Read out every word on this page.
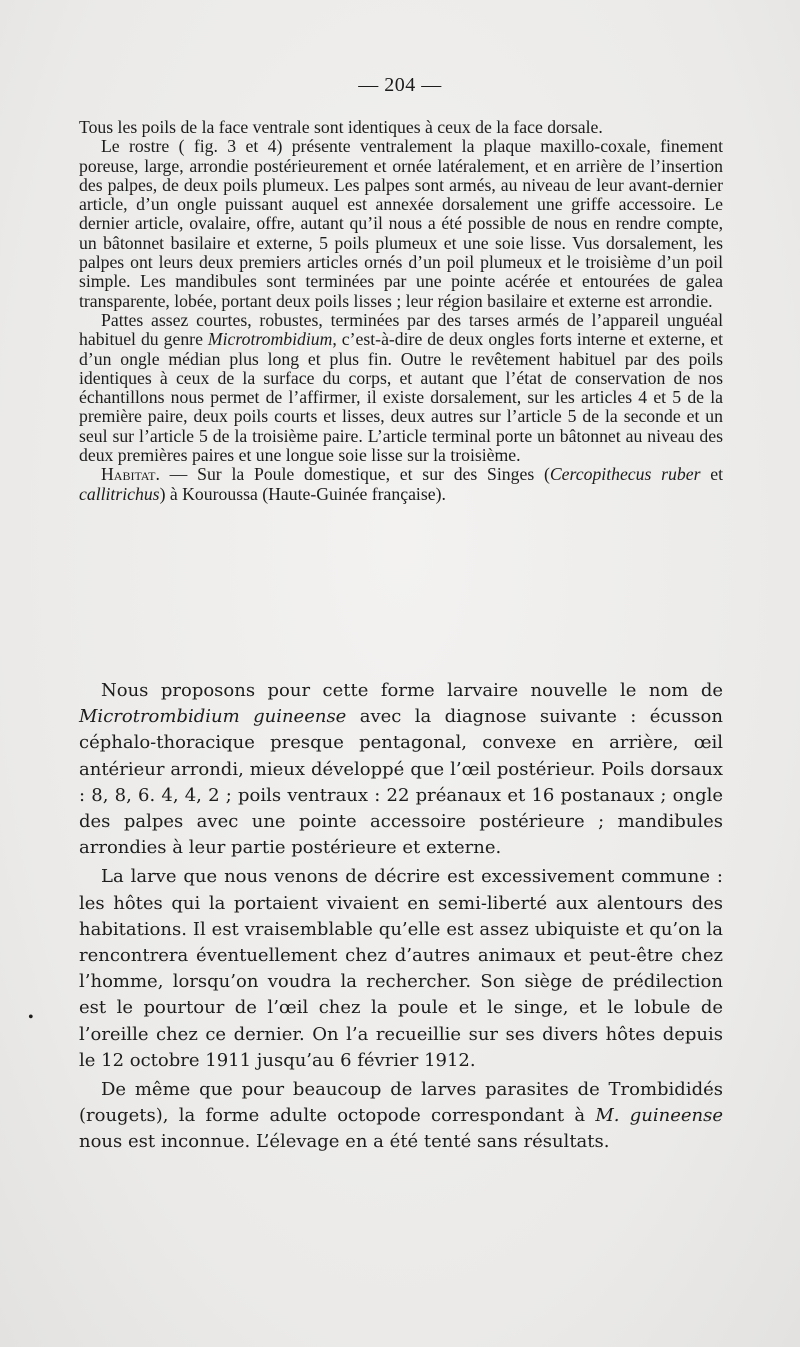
— 204 —

Tous les poils de la face ventrale sont identiques à ceux de la face dorsale.

Le rostre ( fig. 3 et 4) présente ventralement la plaque maxillo-coxale, finement poreuse, large, arrondie postérieurement et ornée latéralement, et en arrière de l’insertion des palpes, de deux poils plumeux. Les palpes sont armés, au niveau de leur avant-dernier article, d’un ongle puissant auquel est annexée dorsalement une griffe accessoire. Le dernier article, ovalaire, offre, autant qu’il nous a été possible de nous en rendre compte, un bâtonnet basilaire et externe, 5 poils plumeux et une soie lisse. Vus dorsalement, les palpes ont leurs deux premiers articles ornés d’un poil plumeux et le troisième d’un poil simple. Les mandibules sont terminées par une pointe acérée et entourées de galea transparente, lobée, portant deux poils lisses ; leur région basilaire et externe est arrondie.

Pattes assez courtes, robustes, terminées par des tarses armés de l’appareil unguéal habituel du genre Microtrombidium, c’est-à-dire de deux ongles forts interne et externe, et d’un ongle médian plus long et plus fin. Outre le revêtement habituel par des poils identiques à ceux de la surface du corps, et autant que l’état de conservation de nos échantillons nous permet de l’affirmer, il existe dorsalement, sur les articles 4 et 5 de la première paire, deux poils courts et lisses, deux autres sur l’article 5 de la seconde et un seul sur l’article 5 de la troisième paire. L’article terminal porte un bâtonnet au niveau des deux premières paires et une longue soie lisse sur la troisième.

Habitat. — Sur la Poule domestique, et sur des Singes (Cercopithecus ruber et callitrichus) à Kouroussa (Haute-Guinée française).

Nous proposons pour cette forme larvaire nouvelle le nom de Microtrombidium guineense avec la diagnose suivante : écusson céphalo-thoracique presque pentagonal, convexe en arrière, œil antérieur arrondi, mieux développé que l’œil postérieur. Poils dorsaux : 8, 8, 6. 4, 4, 2 ; poils ventraux : 22 préanaux et 16 postanaux ; ongle des palpes avec une pointe accessoire postérieure ; mandibules arrondies à leur partie postérieure et externe.

La larve que nous venons de décrire est excessivement commune : les hôtes qui la portaient vivaient en semi-liberté aux alentours des habitations. Il est vraisemblable qu’elle est assez ubiquiste et qu’on la rencontrera éventuellement chez d’autres animaux et peut-être chez l’homme, lorsqu’on voudra la rechercher. Son siège de prédilection est le pourtour de l’œil chez la poule et le singe, et le lobule de l’oreille chez ce dernier. On l’a recueillie sur ses divers hôtes depuis le 12 octobre 1911 jusqu’au 6 février 1912.

De même que pour beaucoup de larves parasites de Trombididés (rougets), la forme adulte octopode correspondant à M. guineense nous est inconnue. L’élevage en a été tenté sans résultats.

•
